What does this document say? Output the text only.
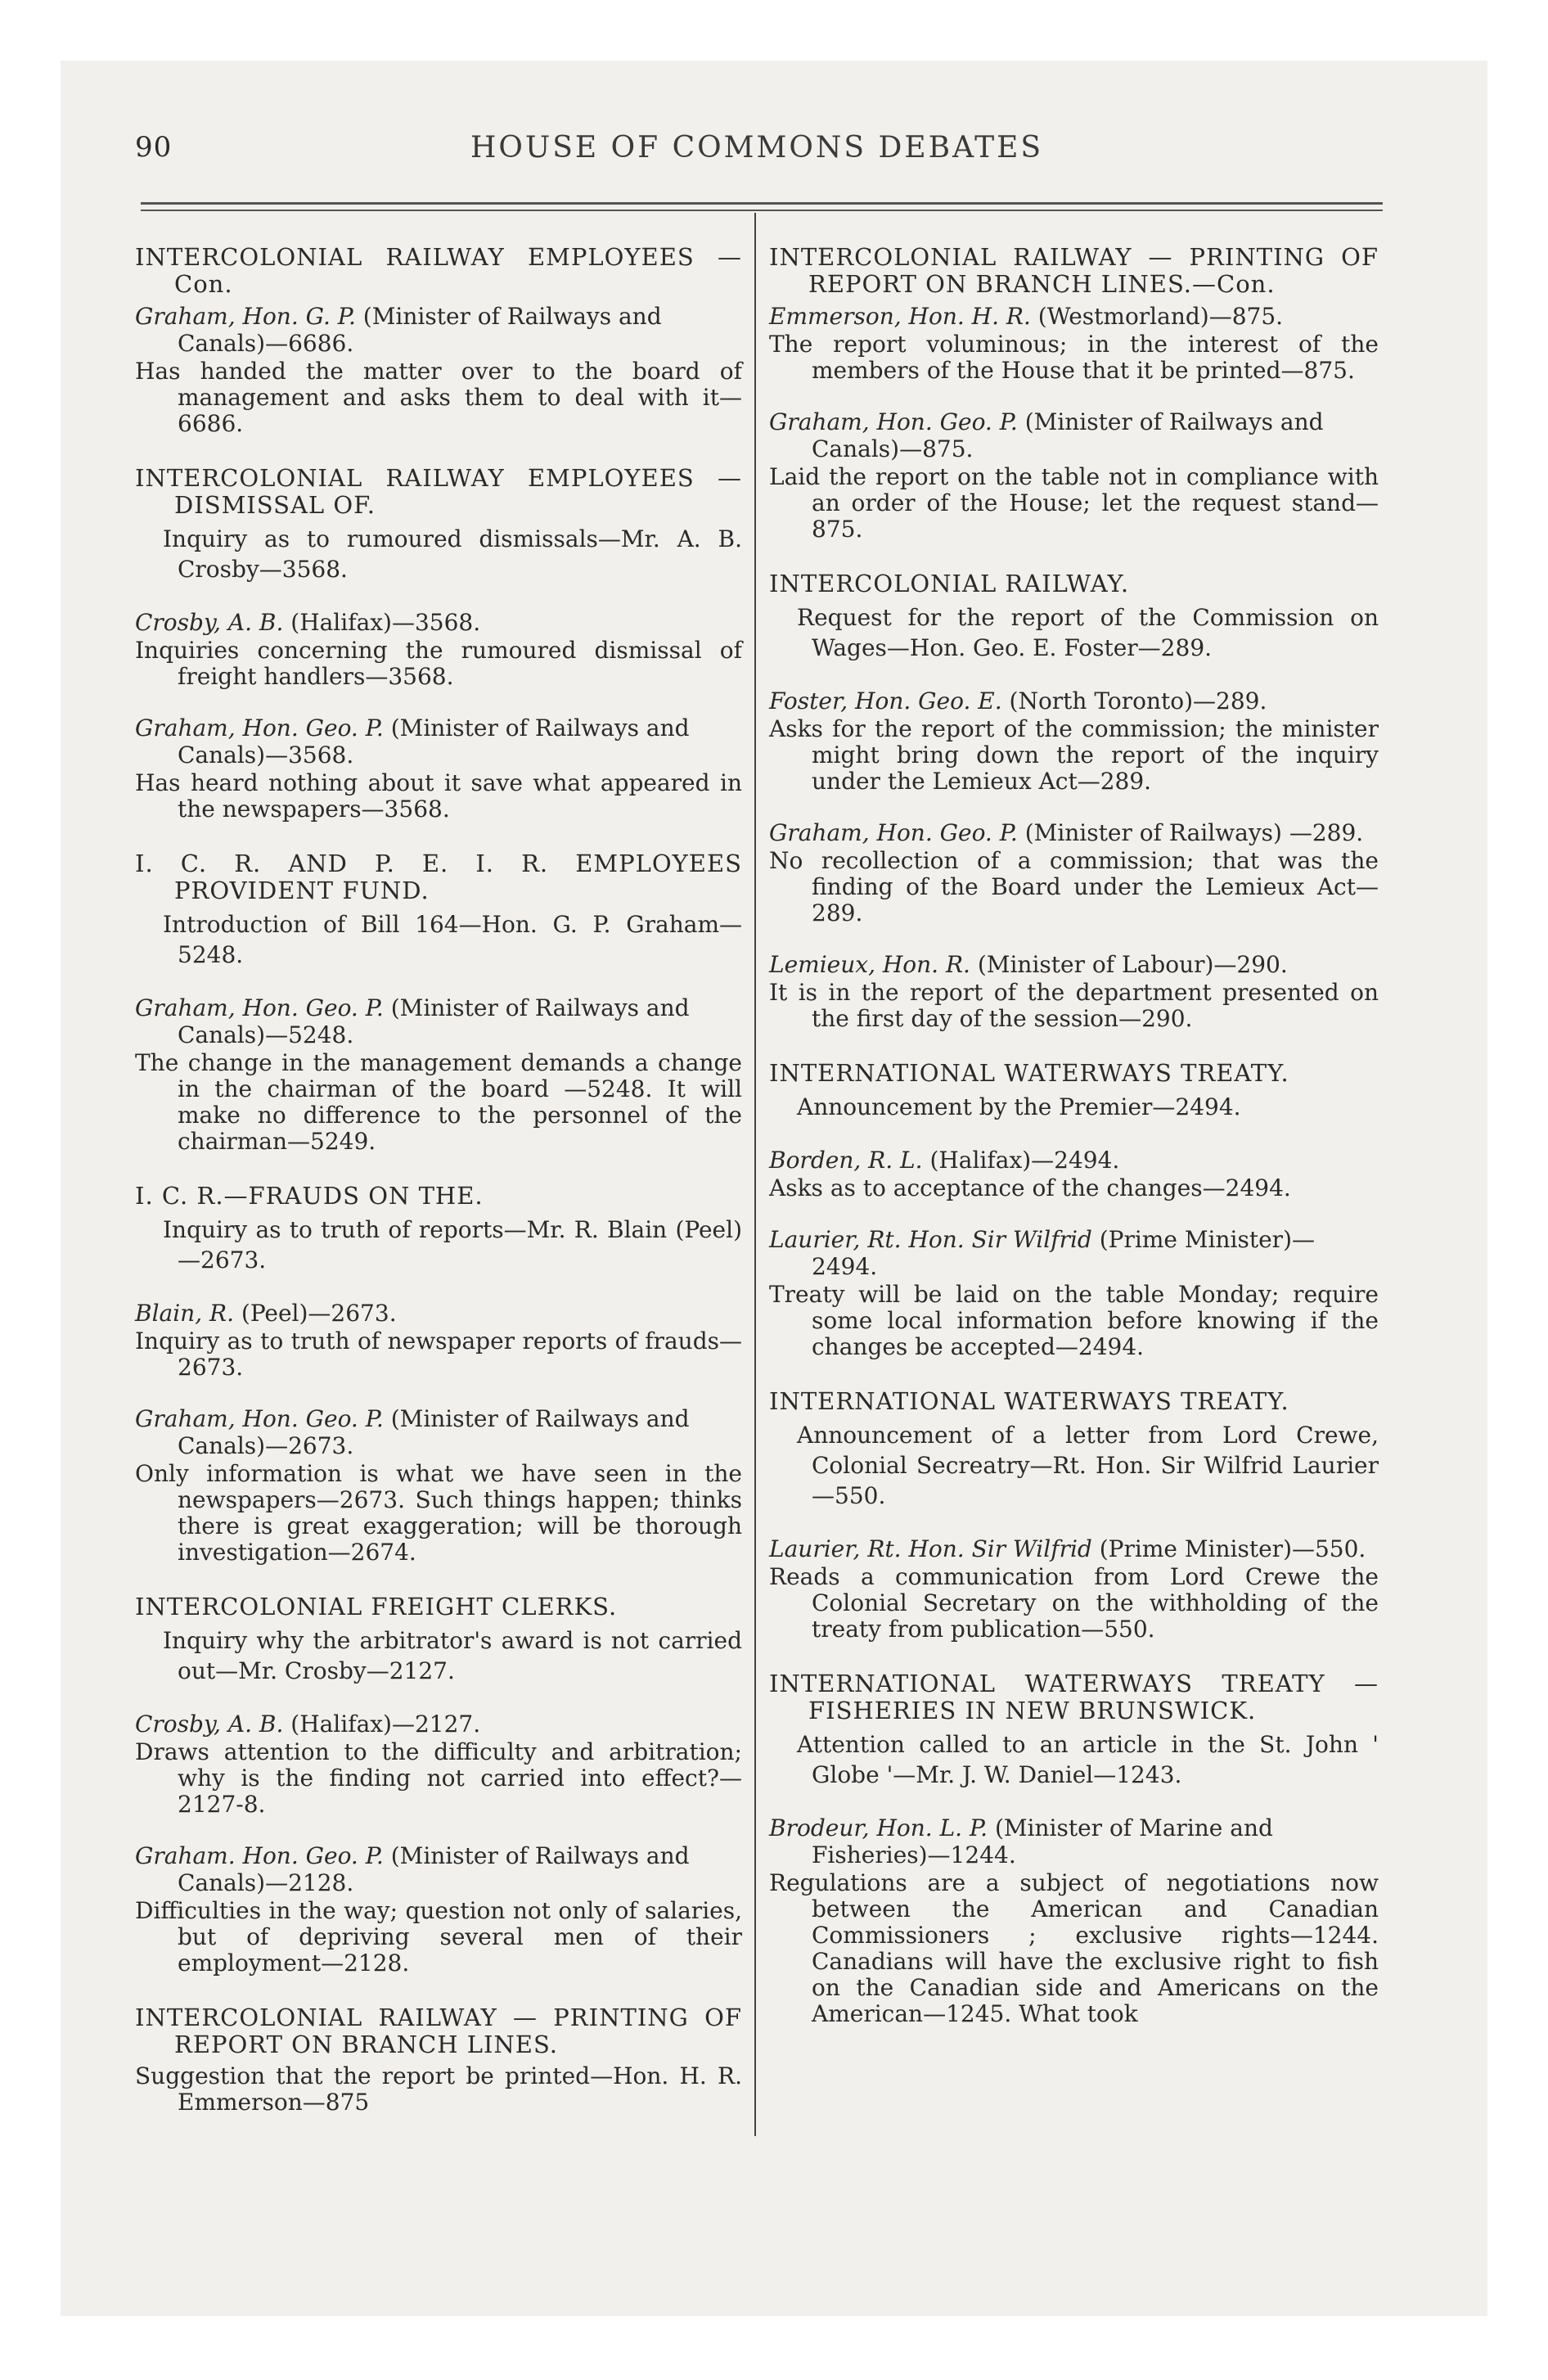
90	HOUSE OF COMMONS DEBATES
INTERCOLONIAL RAILWAY EMPLOYEES —Con.
Graham, Hon. G. P. (Minister of Railways and Canals)—6686.
Has handed the matter over to the board of management and asks them to deal with it—6686.
INTERCOLONIAL RAILWAY EMPLOYEES —DISMISSAL OF.
Inquiry as to rumoured dismissals—Mr. A. B. Crosby—3568.
Crosby, A. B. (Halifax)—3568.
Inquiries concerning the rumoured dismissal of freight handlers—3568.
Graham, Hon. Geo. P. (Minister of Railways and Canals)—3568.
Has heard nothing about it save what appeared in the newspapers—3568.
I. C. R. AND P. E. I. R. EMPLOYEES PROVIDENT FUND.
Introduction of Bill 164—Hon. G. P. Graham—5248.
Graham, Hon. Geo. P. (Minister of Railways and Canals)—5248.
The change in the management demands a change in the chairman of the board —5248. It will make no difference to the personnel of the chairman—5249.
I. C. R.—FRAUDS ON THE.
Inquiry as to truth of reports—Mr. R. Blain (Peel)—2673.
Blain, R. (Peel)—2673.
Inquiry as to truth of newspaper reports of frauds—2673.
Graham, Hon. Geo. P. (Minister of Railways and Canals)—2673.
Only information is what we have seen in the newspapers—2673. Such things happen; thinks there is great exaggeration; will be thorough investigation—2674.
INTERCOLONIAL FREIGHT CLERKS.
Inquiry why the arbitrator's award is not carried out—Mr. Crosby—2127.
Crosby, A. B. (Halifax)—2127.
Draws attention to the difficulty and arbitration; why is the finding not carried into effect?—2127-8.
Graham. Hon. Geo. P. (Minister of Railways and Canals)—2128.
Difficulties in the way; question not only of salaries, but of depriving several men of their employment—2128.
INTERCOLONIAL RAILWAY — PRINTING OF REPORT ON BRANCH LINES.
Suggestion that the report be printed—Hon. H. R. Emmerson—875
INTERCOLONIAL RAILWAY — PRINTING OF REPORT ON BRANCH LINES.—Con.
Emmerson, Hon. H. R. (Westmorland)—875.
The report voluminous; in the interest of the members of the House that it be printed—875.
Graham, Hon. Geo. P. (Minister of Railways and Canals)—875.
Laid the report on the table not in compliance with an order of the House; let the request stand—875.
INTERCOLONIAL RAILWAY.
Request for the report of the Commission on Wages—Hon. Geo. E. Foster—289.
Foster, Hon. Geo. E. (North Toronto)—289.
Asks for the report of the commission; the minister might bring down the report of the inquiry under the Lemieux Act—289.
Graham, Hon. Geo. P. (Minister of Railways) —289.
No recollection of a commission; that was the finding of the Board under the Lemieux Act—289.
Lemieux, Hon. R. (Minister of Labour)—290.
It is in the report of the department presented on the first day of the session—290.
INTERNATIONAL WATERWAYS TREATY.
Announcement by the Premier—2494.
Borden, R. L. (Halifax)—2494.
Asks as to acceptance of the changes—2494.
Laurier, Rt. Hon. Sir Wilfrid (Prime Minister)—2494.
Treaty will be laid on the table Monday; require some local information before knowing if the changes be accepted—2494.
INTERNATIONAL WATERWAYS TREATY.
Announcement of a letter from Lord Crewe, Colonial Secreatry—Rt. Hon. Sir Wilfrid Laurier—550.
Laurier, Rt. Hon. Sir Wilfrid (Prime Minister)—550.
Reads a communication from Lord Crewe the Colonial Secretary on the withholding of the treaty from publication—550.
INTERNATIONAL WATERWAYS TREATY —FISHERIES IN NEW BRUNSWICK.
Attention called to an article in the St. John ' Globe '—Mr. J. W. Daniel—1243.
Brodeur, Hon. L. P. (Minister of Marine and Fisheries)—1244.
Regulations are a subject of negotiations now between the American and Canadian Commissioners ; exclusive rights—1244. Canadians will have the exclusive right to fish on the Canadian side and Americans on the American—1245. What took
